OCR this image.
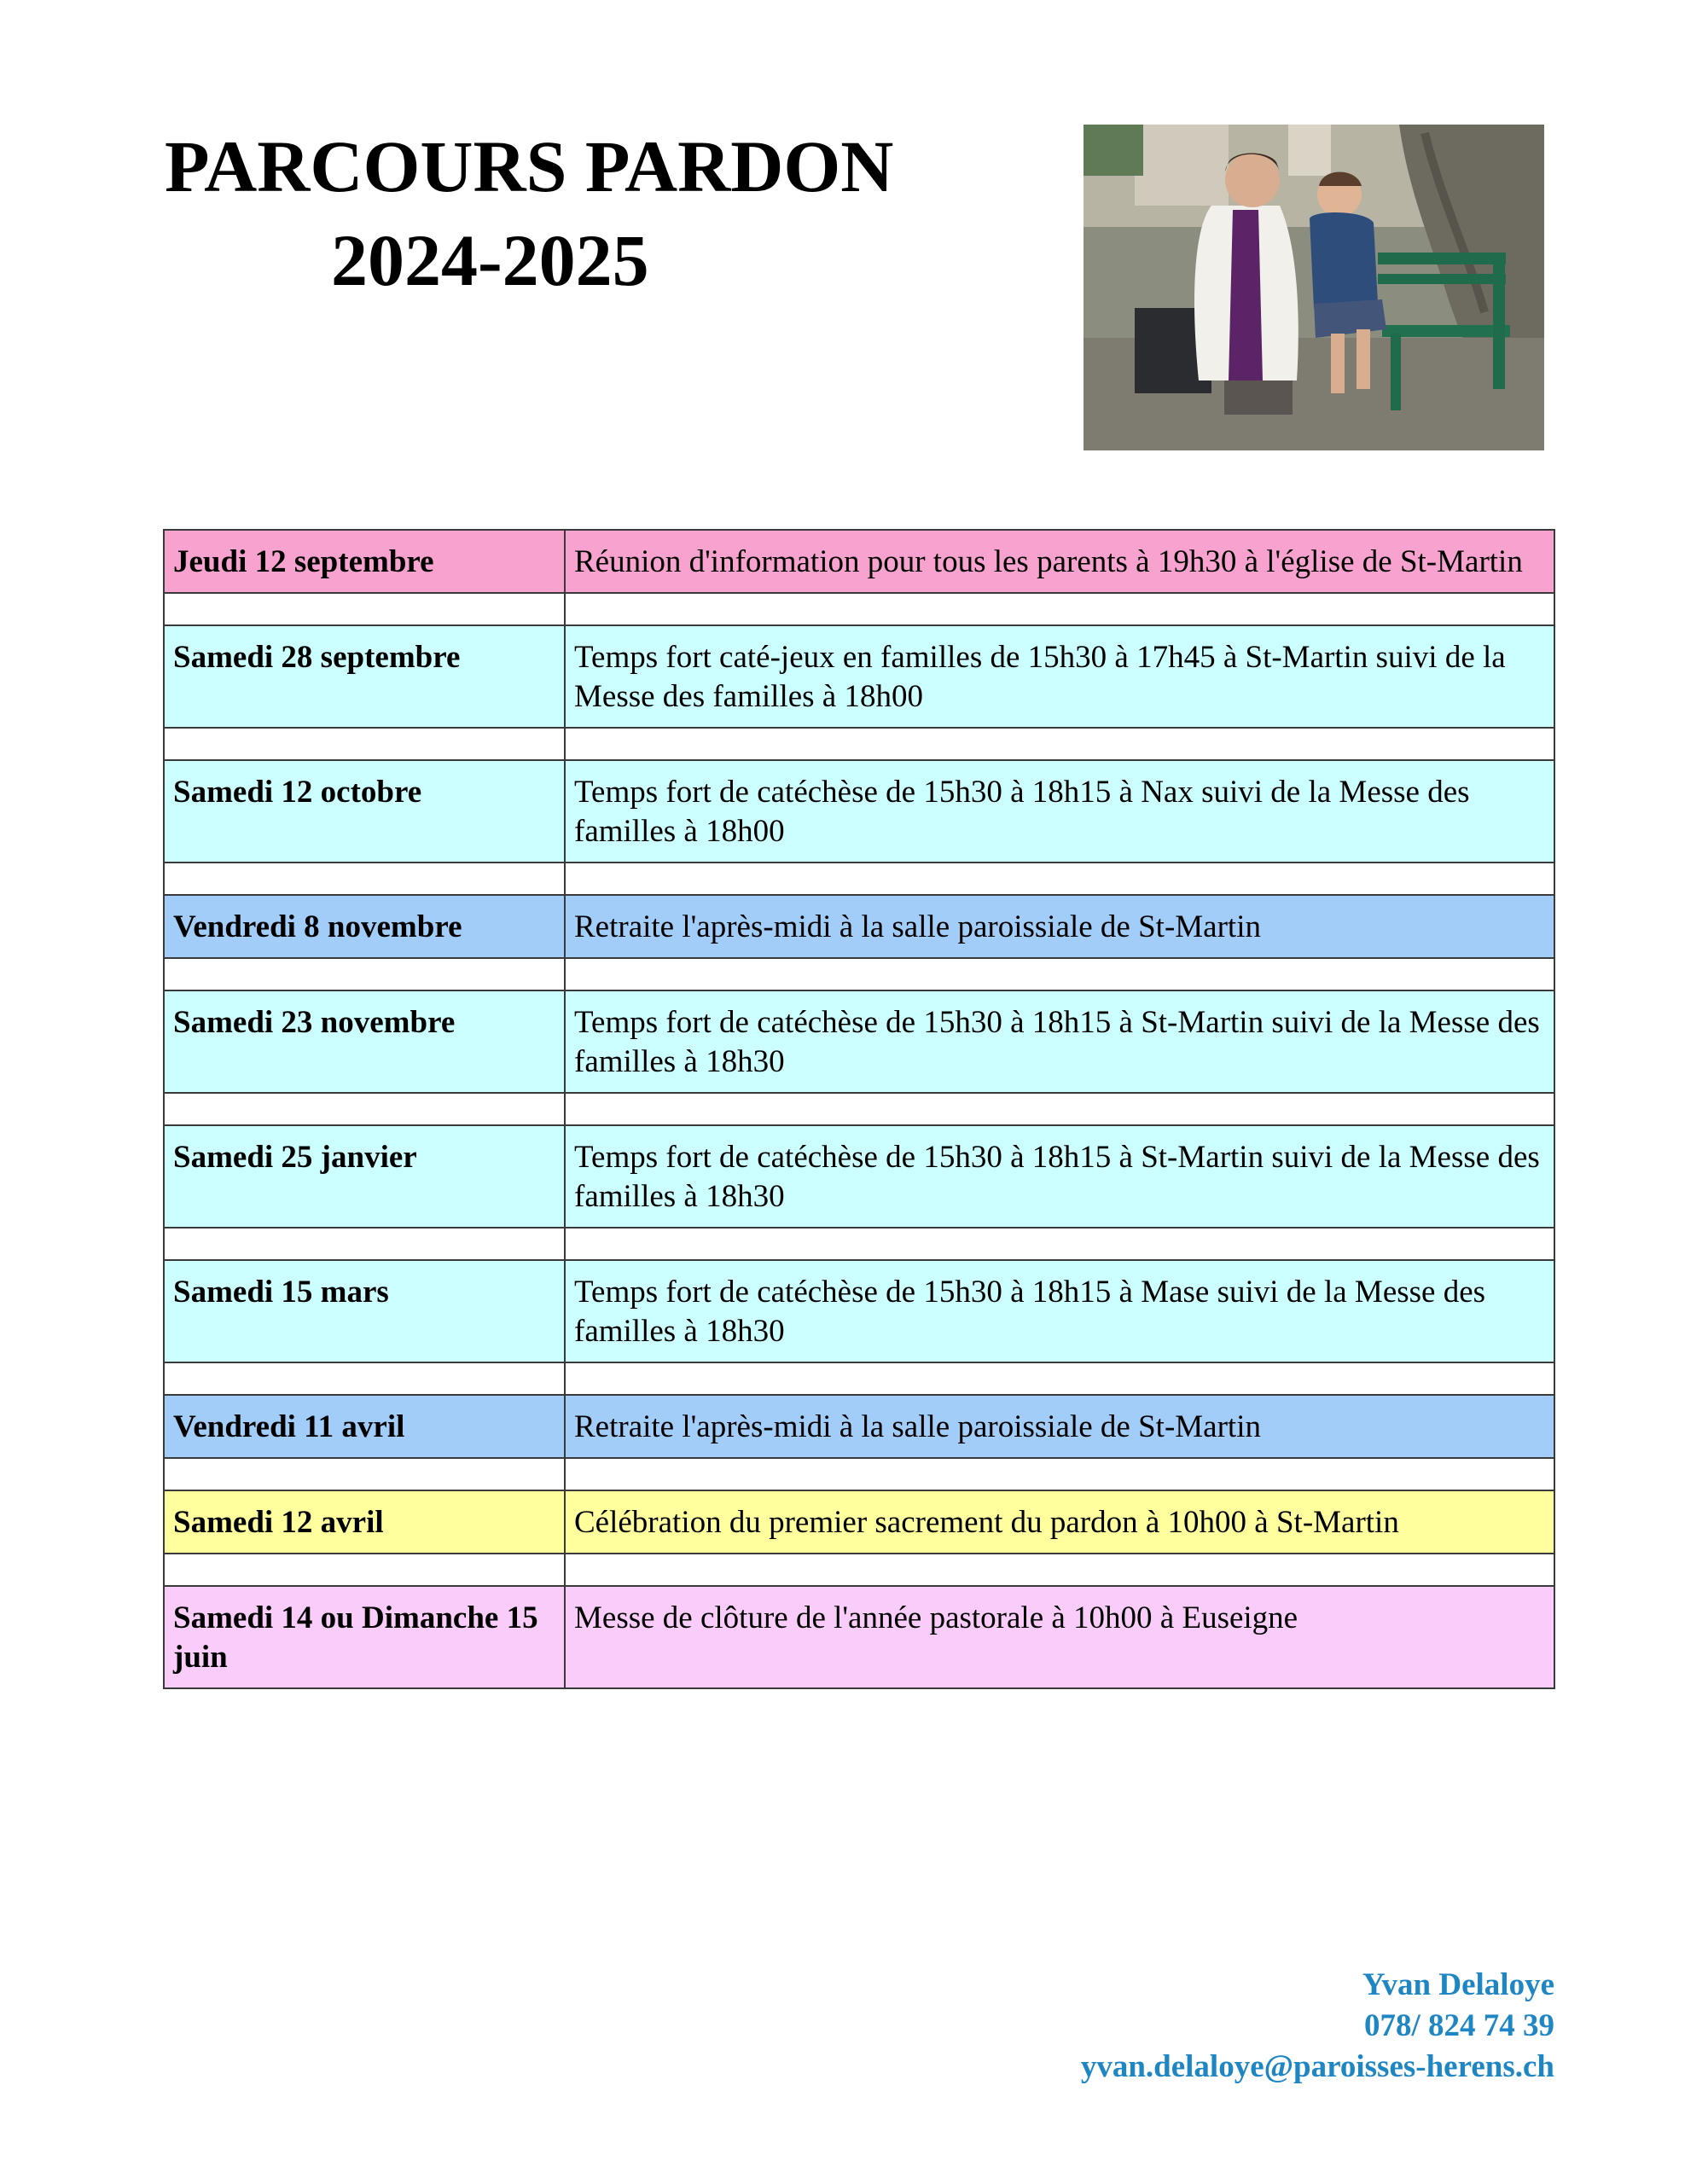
PARCOURS PARDON
2024-2025
Jeudi 12 septembre	Réunion d'information pour tous les parents à 19h30 à l'église de St-Martin

Samedi 28 septembre	Temps fort caté-jeux en familles de 15h30 à 17h45 à St-Martin suivi de la Messe des familles à 18h00

Samedi 12 octobre	Temps fort de catéchèse de 15h30 à 18h15 à Nax suivi de la Messe des familles à 18h00

Vendredi 8 novembre	Retraite l'après-midi à la salle paroissiale de St-Martin

Samedi 23 novembre	Temps fort de catéchèse de 15h30 à 18h15 à St-Martin suivi de la Messe des familles à 18h30

Samedi 25 janvier	Temps fort de catéchèse de 15h30 à 18h15 à St-Martin suivi de la Messe des familles à 18h30

Samedi 15 mars	Temps fort de catéchèse de 15h30 à 18h15 à Mase suivi de la Messe des familles à 18h30

Vendredi 11 avril	Retraite l'après-midi à la salle paroissiale de St-Martin

Samedi 12 avril	Célébration du premier sacrement du pardon à 10h00 à St-Martin

Samedi 14 ou Dimanche 15 juin	Messe de clôture de l'année pastorale à 10h00 à Euseigne
Yvan Delaloye
078/ 824 74 39
yvan.delaloye@paroisses-herens.ch
